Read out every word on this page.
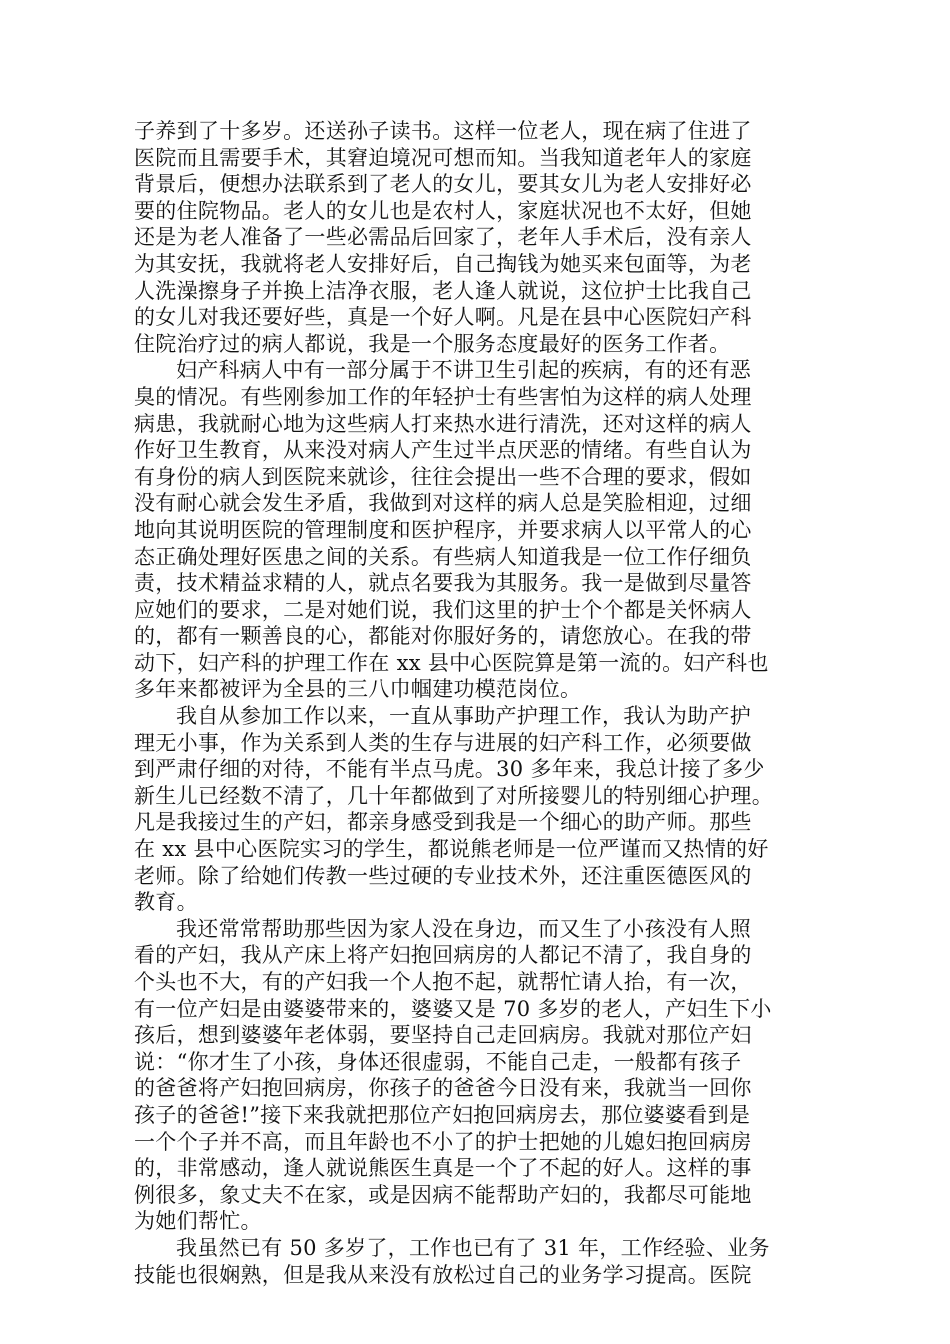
子养到了十多岁。还送孙子读书。这样一位老人，现在病了住进了
医院而且需要手术，其窘迫境况可想而知。当我知道老年人的家庭
背景后，便想办法联系到了老人的女儿，要其女儿为老人安排好必
要的住院物品。老人的女儿也是农村人，家庭状况也不太好，但她
还是为老人准备了一些必需品后回家了，老年人手术后，没有亲人
为其安抚，我就将老人安排好后，自己掏钱为她买来包面等，为老
人洗澡擦身子并换上洁净衣服，老人逢人就说，这位护士比我自己
的女儿对我还要好些，真是一个好人啊。凡是在县中心医院妇产科
住院治疗过的病人都说，我是一个服务态度最好的医务工作者。

妇产科病人中有一部分属于不讲卫生引起的疾病，有的还有恶
臭的情况。有些刚参加工作的年轻护士有些害怕为这样的病人处理
病患，我就耐心地为这些病人打来热水进行清洗，还对这样的病人
作好卫生教育，从来没对病人产生过半点厌恶的情绪。有些自认为
有身份的病人到医院来就诊，往往会提出一些不合理的要求，假如
没有耐心就会发生矛盾，我做到对这样的病人总是笑脸相迎，过细
地向其说明医院的管理制度和医护程序，并要求病人以平常人的心
态正确处理好医患之间的关系。有些病人知道我是一位工作仔细负
责，技术精益求精的人，就点名要我为其服务。我一是做到尽量答
应她们的要求，二是对她们说，我们这里的护士个个都是关怀病人
的，都有一颗善良的心，都能对你服好务的，请您放心。在我的带
动下，妇产科的护理工作在 xx 县中心医院算是第一流的。妇产科也
多年来都被评为全县的三八巾帼建功模范岗位。

我自从参加工作以来，一直从事助产护理工作，我认为助产护
理无小事，作为关系到人类的生存与进展的妇产科工作，必须要做
到严肃仔细的对待，不能有半点马虎。30 多年来，我总计接了多少
新生儿已经数不清了，几十年都做到了对所接婴儿的特别细心护理。
凡是我接过生的产妇，都亲身感受到我是一个细心的助产师。那些
在 xx 县中心医院实习的学生，都说熊老师是一位严谨而又热情的好
老师。除了给她们传教一些过硬的专业技术外，还注重医德医风的
教育。

我还常常帮助那些因为家人没在身边，而又生了小孩没有人照
看的产妇，我从产床上将产妇抱回病房的人都记不清了，我自身的
个头也不大，有的产妇我一个人抱不起，就帮忙请人抬，有一次，
有一位产妇是由婆婆带来的，婆婆又是 70 多岁的老人，产妇生下小
孩后，想到婆婆年老体弱，要坚持自己走回病房。我就对那位产妇
说：“你才生了小孩，身体还很虚弱，不能自己走，一般都有孩子
的爸爸将产妇抱回病房，你孩子的爸爸今日没有来，我就当一回你
孩子的爸爸!”接下来我就把那位产妇抱回病房去，那位婆婆看到是
一个个子并不高，而且年龄也不小了的护士把她的儿媳妇抱回病房
的，非常感动，逢人就说熊医生真是一个了不起的好人。这样的事
例很多，象丈夫不在家，或是因病不能帮助产妇的，我都尽可能地
为她们帮忙。

我虽然已有 50 多岁了，工作也已有了 31 年，工作经验、业务
技能也很娴熟，但是我从来没有放松过自己的业务学习提高。医院
